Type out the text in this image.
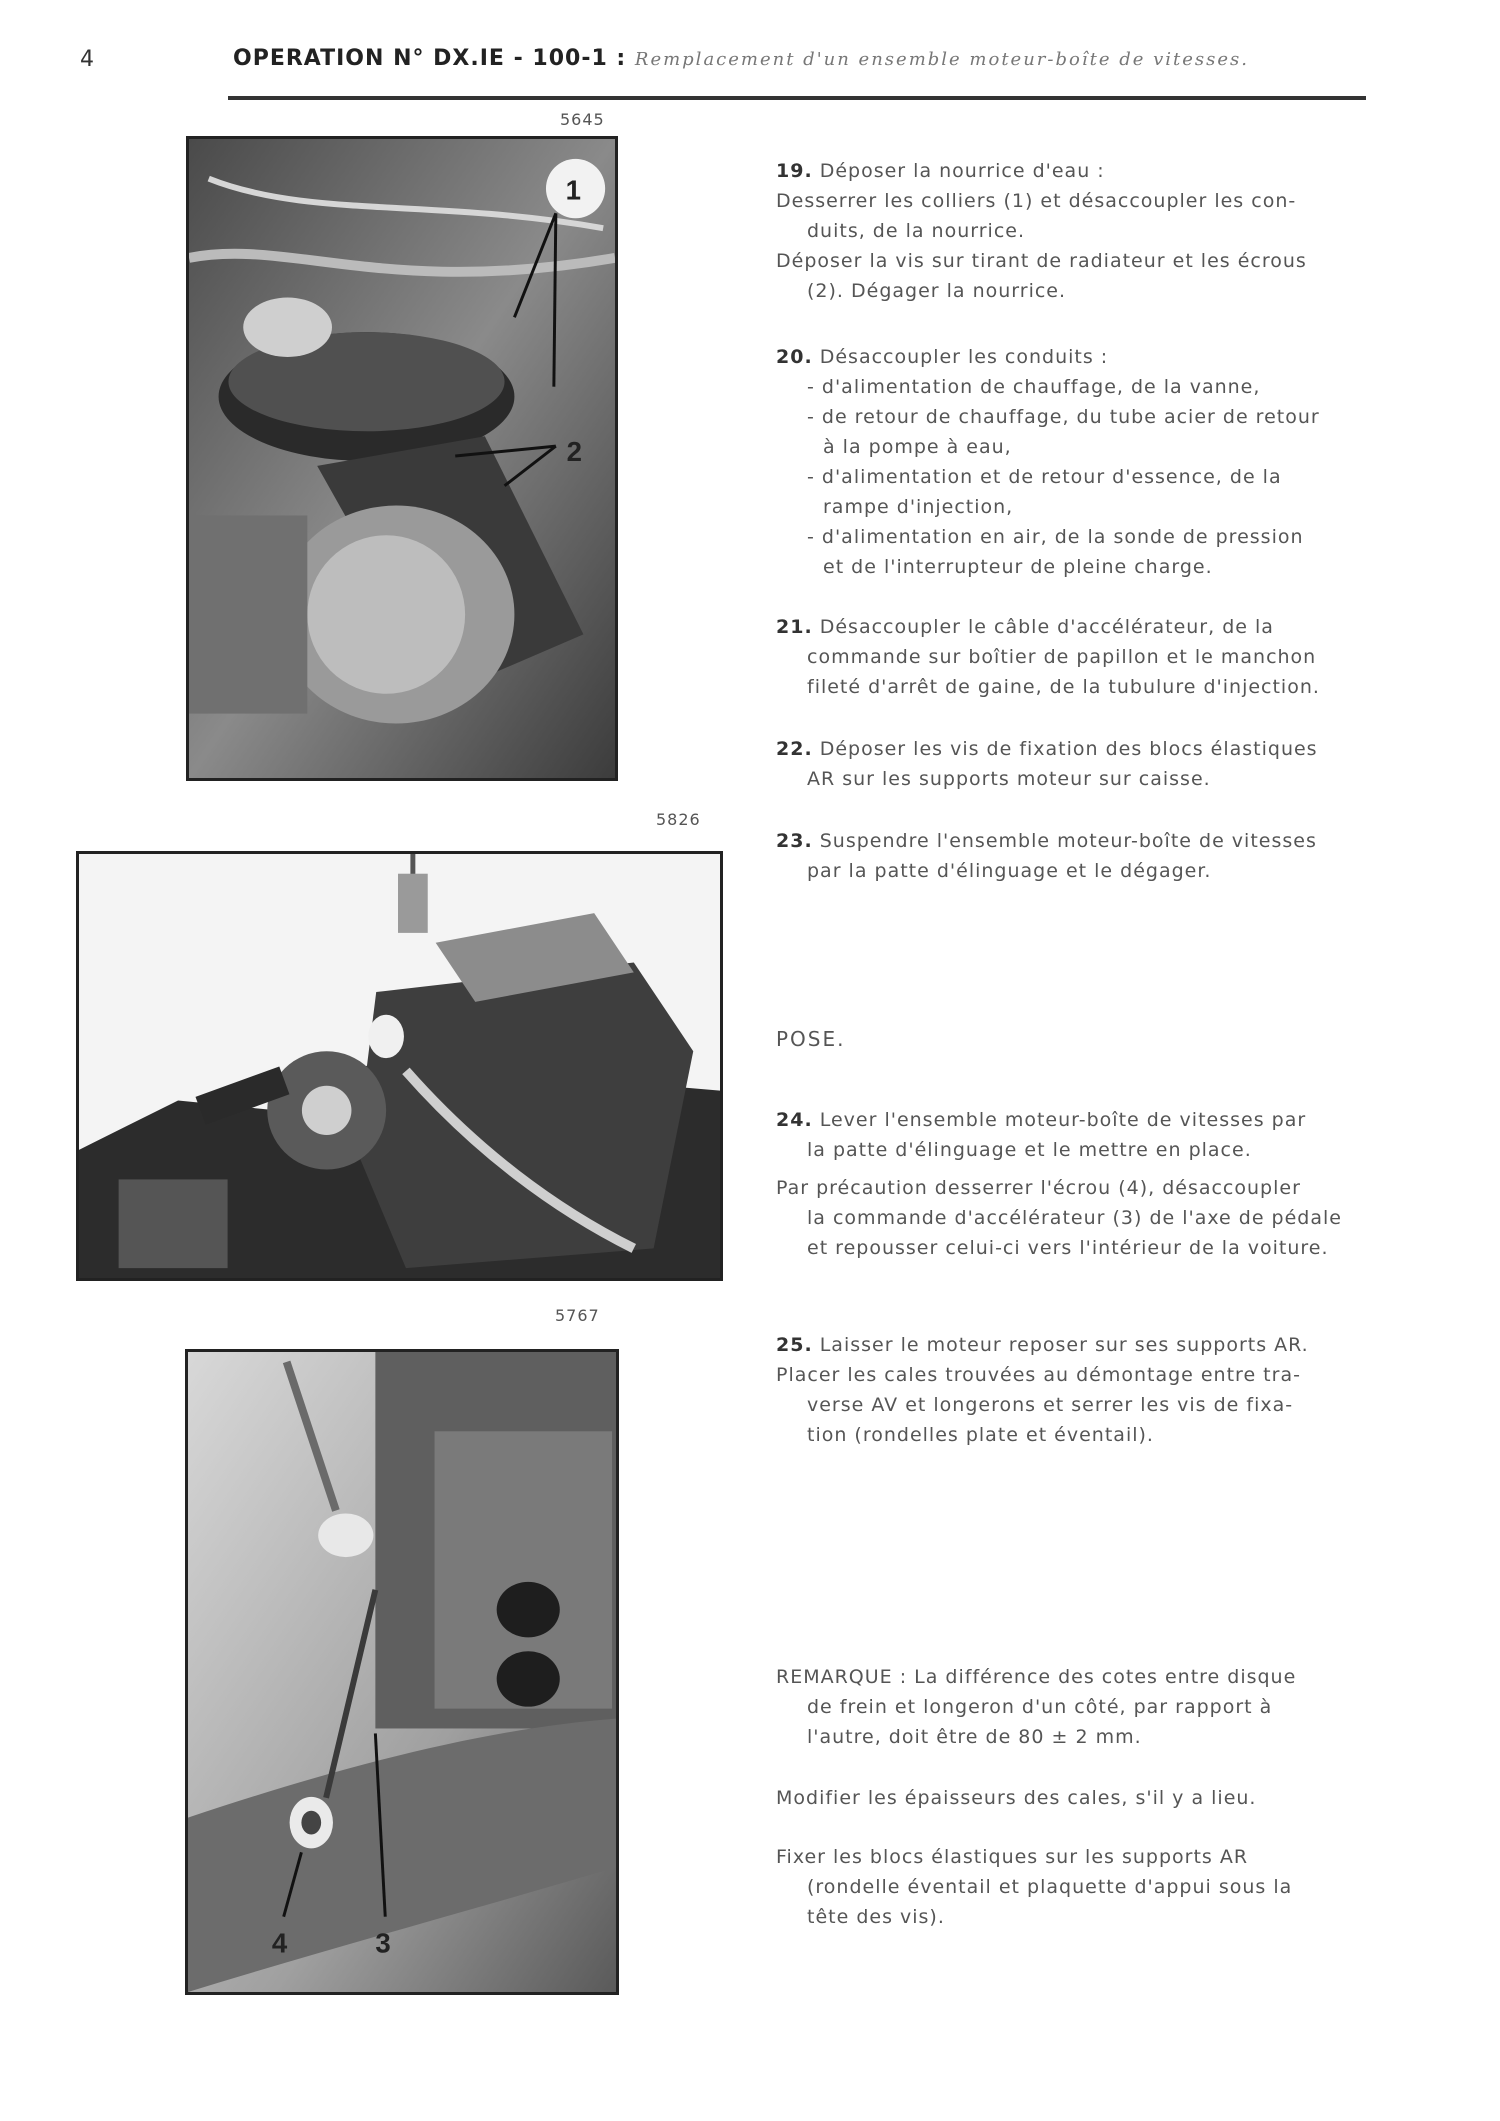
4	OPERATION N° DX.IE - 100-1 : Remplacement d'un ensemble moteur-boîte de vitesses.
5645
1
2
5826
5767
4	3

19. Déposer la nourrice d'eau :

Desserrer les colliers (1) et désaccoupler les con-

duits, de la nourrice.

Déposer la vis sur tirant de radiateur et les écrous

(2). Dégager la nourrice.

20. Désaccoupler les conduits :

- d'alimentation de chauffage, de la vanne,

- de retour de chauffage, du tube acier de retour

à la pompe à eau,

- d'alimentation et de retour d'essence, de la

rampe d'injection,

- d'alimentation en air, de la sonde de pression

et de l'interrupteur de pleine charge.

21. Désaccoupler le câble d'accélérateur, de la

commande sur boîtier de papillon et le manchon

fileté d'arrêt de gaine, de la tubulure d'injection.

22. Déposer les vis de fixation des blocs élastiques

AR sur les supports moteur sur caisse.

23. Suspendre l'ensemble moteur-boîte de vitesses

par la patte d'élinguage et le dégager.

POSE.

24. Lever l'ensemble moteur-boîte de vitesses par

la patte d'élinguage et le mettre en place.

Par précaution desserrer l'écrou (4), désaccoupler

la commande d'accélérateur (3) de l'axe de pédale

et repousser celui-ci vers l'intérieur de la voiture.

25. Laisser le moteur reposer sur ses supports AR.

Placer les cales trouvées au démontage entre tra-

verse AV et longerons et serrer les vis de fixa-

tion (rondelles plate et éventail).

REMARQUE : La différence des cotes entre disque

de frein et longeron d'un côté, par rapport à

l'autre, doit être de 80 ± 2 mm.

Modifier les épaisseurs des cales, s'il y a lieu.

Fixer les blocs élastiques sur les supports AR

(rondelle éventail et plaquette d'appui sous la

tête des vis).
